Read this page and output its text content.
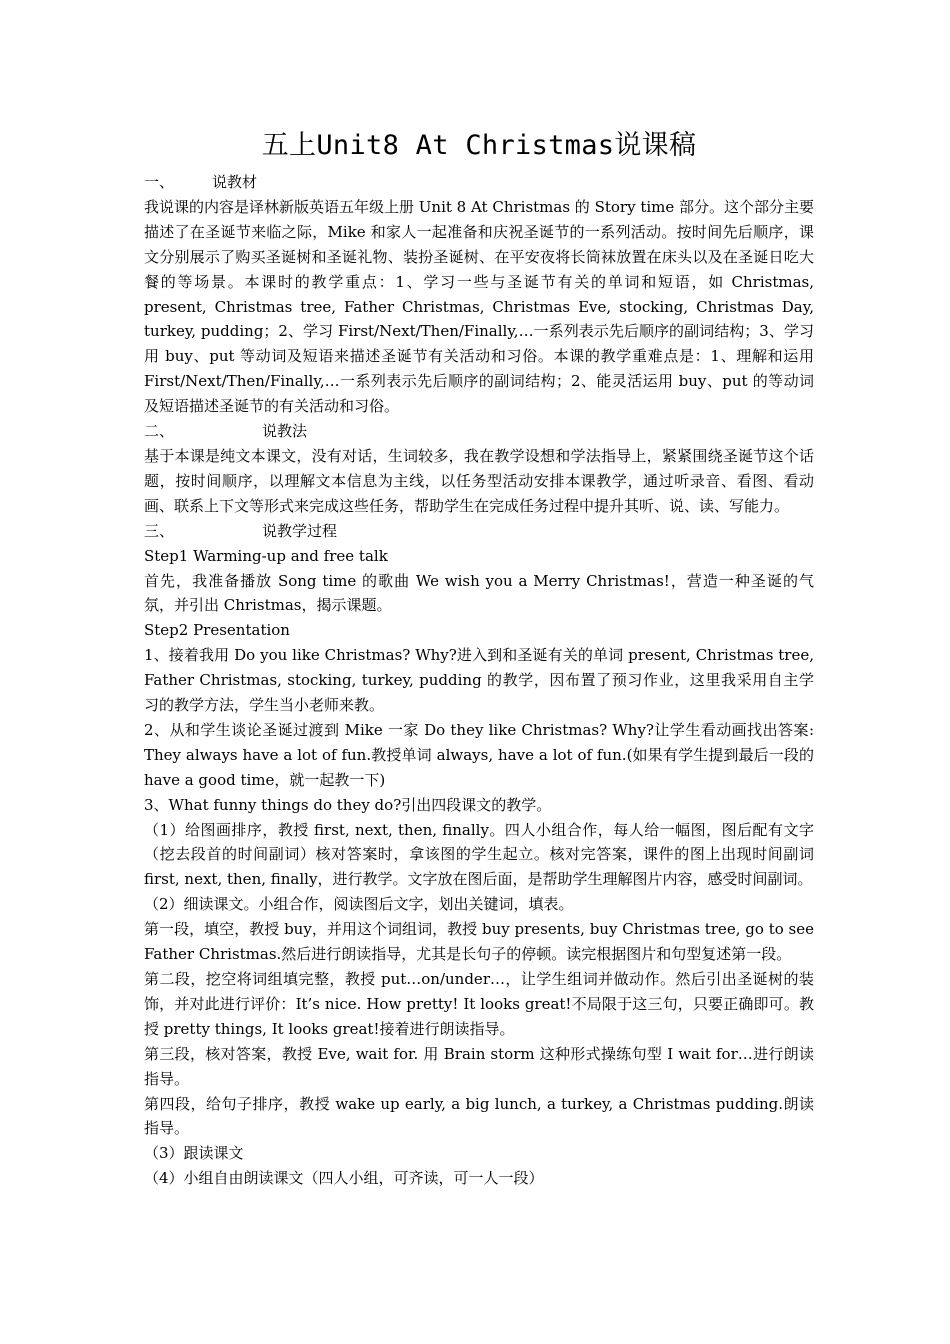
五上Unit8 At Christmas说课稿
一、	说教材

我说课的内容是译林新版英语五年级上册 Unit 8 At Christmas 的 Story time 部分。这个部分主要描述了在圣诞节来临之际，Mike 和家人一起准备和庆祝圣诞节的一系列活动。按时间先后顺序，课文分别展示了购买圣诞树和圣诞礼物、装扮圣诞树、在平安夜将长筒袜放置在床头以及在圣诞日吃大餐的等场景。本课时的教学重点：1、学习一些与圣诞节有关的单词和短语，如 Christmas, present, Christmas tree, Father Christmas, Christmas Eve, stocking, Christmas Day, turkey, pudding；2、学习 First/Next/Then/Finally,…一系列表示先后顺序的副词结构；3、学习用 buy、put 等动词及短语来描述圣诞节有关活动和习俗。本课的教学重难点是：1、理解和运用 First/Next/Then/Finally,…一系列表示先后顺序的副词结构；2、能灵活运用 buy、put 的等动词及短语描述圣诞节的有关活动和习俗。

二、	说教法

基于本课是纯文本课文，没有对话，生词较多，我在教学设想和学法指导上，紧紧围绕圣诞节这个话题，按时间顺序，以理解文本信息为主线，以任务型活动安排本课教学，通过听录音、看图、看动画、联系上下文等形式来完成这些任务，帮助学生在完成任务过程中提升其听、说、读、写能力。

三、	说教学过程

Step1 Warming-up and free talk

首先，我准备播放 Song time 的歌曲 We wish you a Merry Christmas!，营造一种圣诞的气氛，并引出 Christmas，揭示课题。

Step2 Presentation

1、接着我用 Do you like Christmas? Why?进入到和圣诞有关的单词 present, Christmas tree, Father Christmas, stocking, turkey, pudding 的教学，因布置了预习作业，这里我采用自主学习的教学方法，学生当小老师来教。

2、从和学生谈论圣诞过渡到 Mike 一家 Do they like Christmas? Why?让学生看动画找出答案: They always have a lot of fun.教授单词 always, have a lot of fun.(如果有学生提到最后一段的 have a good time，就一起教一下)

3、What funny things do they do?引出四段课文的教学。

（1）给图画排序，教授 first, next, then, finally。四人小组合作，每人给一幅图，图后配有文字（挖去段首的时间副词）核对答案时，拿该图的学生起立。核对完答案，课件的图上出现时间副词 first, next, then, finally，进行教学。文字放在图后面，是帮助学生理解图片内容，感受时间副词。

（2）细读课文。小组合作，阅读图后文字，划出关键词，填表。

第一段，填空，教授 buy，并用这个词组词，教授 buy presents, buy Christmas tree, go to see Father Christmas.然后进行朗读指导，尤其是长句子的停顿。读完根据图片和句型复述第一段。

第二段，挖空将词组填完整，教授 put…on/under…，让学生组词并做动作。然后引出圣诞树的装饰，并对此进行评价：It’s nice. How pretty! It looks great!不局限于这三句，只要正确即可。教授 pretty things, It looks great!接着进行朗读指导。

第三段，核对答案，教授 Eve, wait for. 用 Brain storm 这种形式操练句型 I wait for…进行朗读指导。

第四段，给句子排序，教授 wake up early, a big lunch, a turkey, a Christmas pudding.朗读指导。

（3）跟读课文

（4）小组自由朗读课文（四人小组，可齐读，可一人一段）
